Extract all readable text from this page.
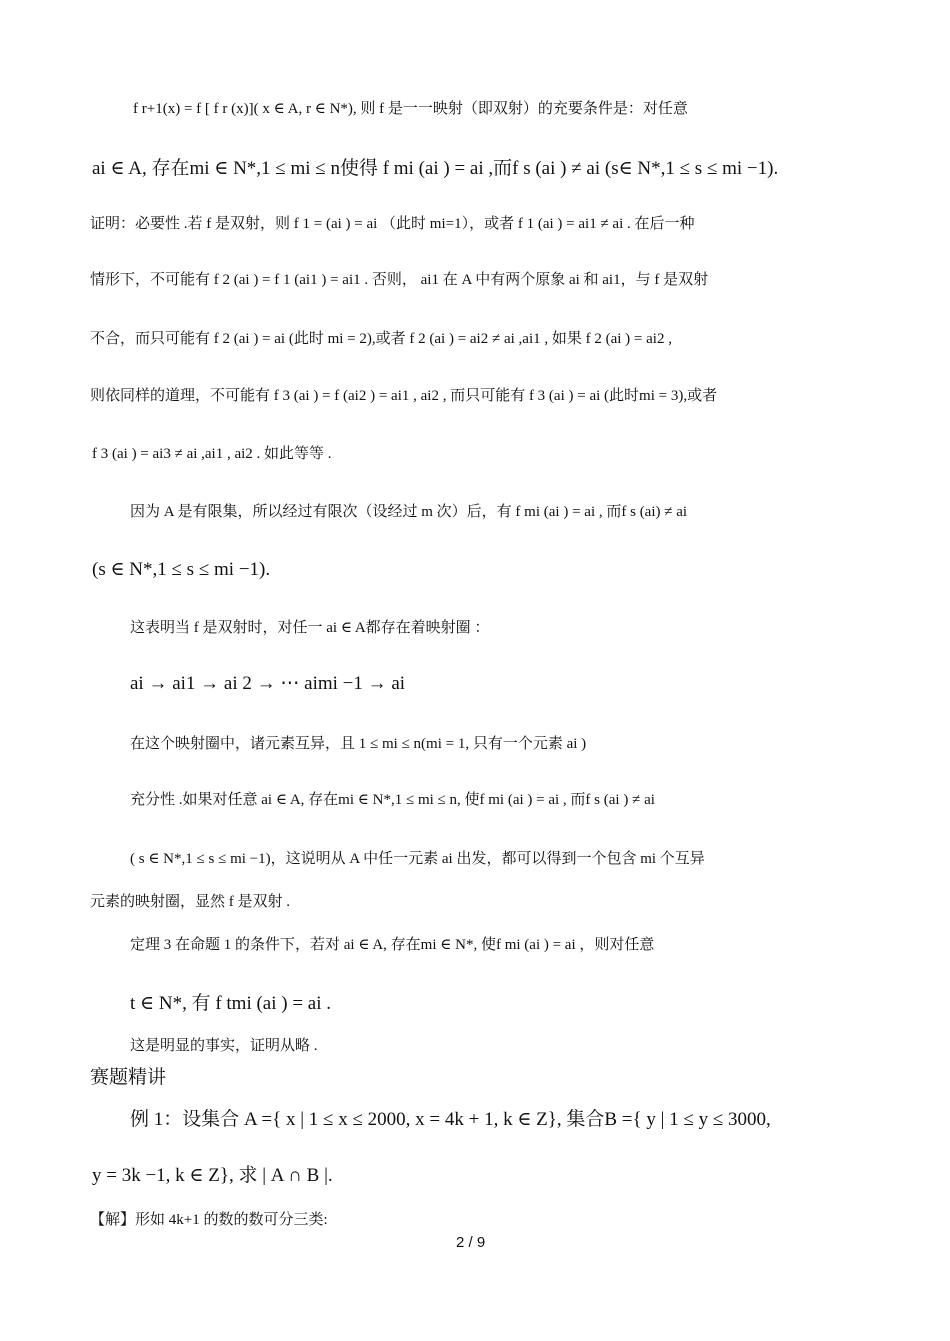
f r+1(x) = f [ f r (x)]( x ∈ A, r ∈ N*), 则 f 是一一映射（即双射）的充要条件是：对任意
ai ∈ A, 存在mi ∈ N*,1 ≤ mi ≤ n使得 f mi (ai ) = ai ,而f s (ai ) ≠ ai (s∈ N*,1 ≤ s ≤ mi −1).
证明：必要性 .若 f 是双射，则 f 1 = (ai ) = ai （此时 mi=1），或者 f 1 (ai ) = ai1 ≠ ai . 在后一种
情形下，不可能有 f 2 (ai ) = f 1 (ai1 ) = ai1 . 否则， ai1 在 A 中有两个原象 ai 和 ai1，与 f 是双射
不合，而只可能有 f 2 (ai ) = ai (此时 mi = 2),或者 f 2 (ai ) = ai2 ≠ ai ,ai1 , 如果 f 2 (ai ) = ai2 ,
则依同样的道理，不可能有 f 3 (ai ) = f (ai2 ) = ai1 , ai2 , 而只可能有 f 3 (ai ) = ai (此时mi = 3),或者
f 3 (ai ) = ai3 ≠ ai ,ai1 , ai2 . 如此等等 .
因为 A 是有限集，所以经过有限次（设经过 m 次）后，有 f mi (ai ) = ai , 而f s (ai) ≠ ai
(s ∈ N*,1 ≤ s ≤ mi −1).
这表明当 f 是双射时，对任一 ai ∈ A都存在着映射圈 ：
ai → ai1 → ai 2 → ⋯ aimi −1 → ai
在这个映射圈中，诸元素互异，且 1 ≤ mi ≤ n(mi = 1, 只有一个元素 ai )
充分性 .如果对任意 ai ∈ A, 存在mi ∈ N*,1 ≤ mi ≤ n, 使f mi (ai ) = ai , 而f s (ai ) ≠ ai
( s ∈ N*,1 ≤ s ≤ mi −1)，这说明从 A 中任一元素 ai 出发，都可以得到一个包含 mi 个互异
元素的映射圈，显然 f 是双射 .
定理 3 在命题 1 的条件下，若对 ai ∈ A, 存在mi ∈ N*, 使f mi (ai ) = ai ，则对任意
t ∈ N*, 有 f tmi (ai ) = ai .
这是明显的事实，证明从略 .
赛题精讲
例 1：设集合 A ={ x | 1 ≤ x ≤ 2000, x = 4k + 1, k ∈ Z}, 集合B ={ y | 1 ≤ y ≤ 3000,
y = 3k −1, k ∈ Z}, 求 | A ∩ B |.
【解】形如 4k+1 的数的数可分三类:
2 / 9
